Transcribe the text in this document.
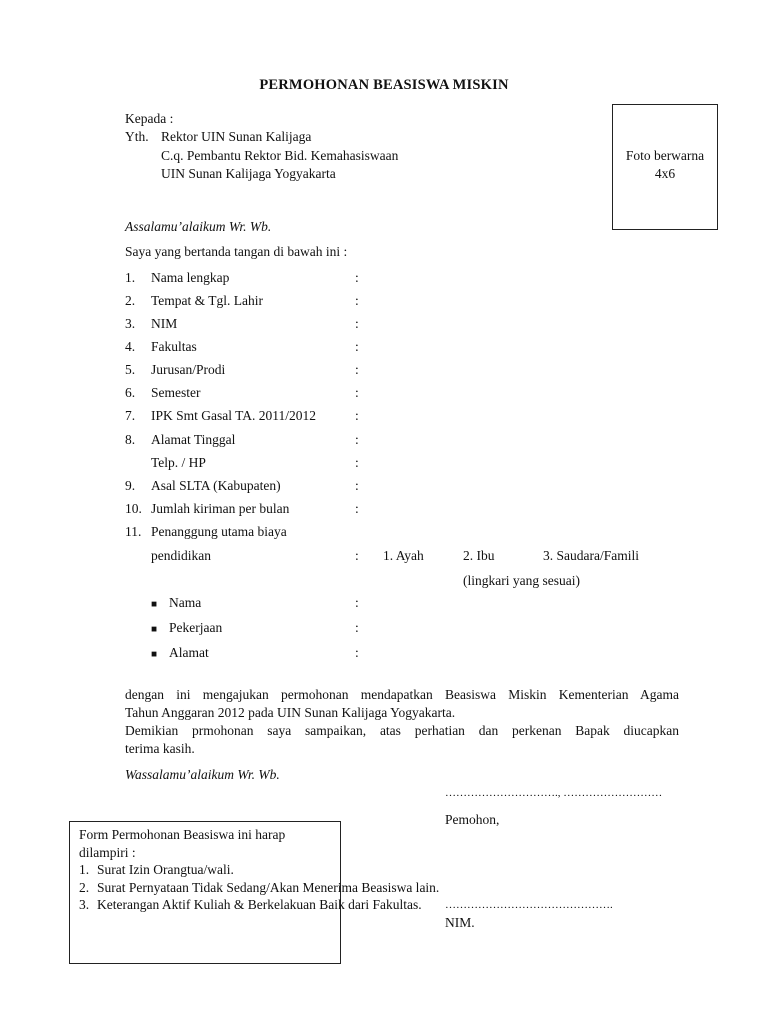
PERMOHONAN BEASISWA MISKIN
Foto berwarna
4x6
Kepada :
Yth. Rektor UIN Sunan Kalijaga
C.q. Pembantu Rektor Bid. Kemahasiswaan
UIN Sunan Kalijaga Yogyakarta
Assalamu’alaikum Wr. Wb.
Saya yang bertanda tangan di bawah ini :
1. Nama lengkap	:
2. Tempat & Tgl. Lahir	:
3. NIM	:
4. Fakultas	:
5. Jurusan/Prodi	:
6. Semester	:
7. IPK Smt Gasal TA. 2011/2012	:
8. Alamat Tinggal	:
Telp. / HP	:
9. Asal SLTA (Kabupaten)	:
10. Jumlah kiriman per bulan	:
11. Penanggung utama biaya
pendidikan	: 1. Ayah	2. Ibu	3. Saudara/Famili
(lingkari yang sesuai)
■ Nama	:
■ Pekerjaan	:
■ Alamat	:
dengan ini mengajukan permohonan mendapatkan Beasiswa Miskin Kementerian Agama
Tahun Anggaran 2012 pada UIN Sunan Kalijaga Yogyakarta.
Demikian prmohonan saya sampaikan, atas perhatian dan perkenan Bapak diucapkan
terima kasih.
Wassalamu’alaikum Wr. Wb.
…………………………., ………………………
Pemohon,
……………………………………….
NIM.
Form Permohonan Beasiswa ini harap
dilampiri :
1. Surat Izin Orangtua/wali.
2. Surat Pernyataan Tidak Sedang/Akan Menerima Beasiswa lain.
3. Keterangan Aktif Kuliah & Berkelakuan Baik dari Fakultas.
